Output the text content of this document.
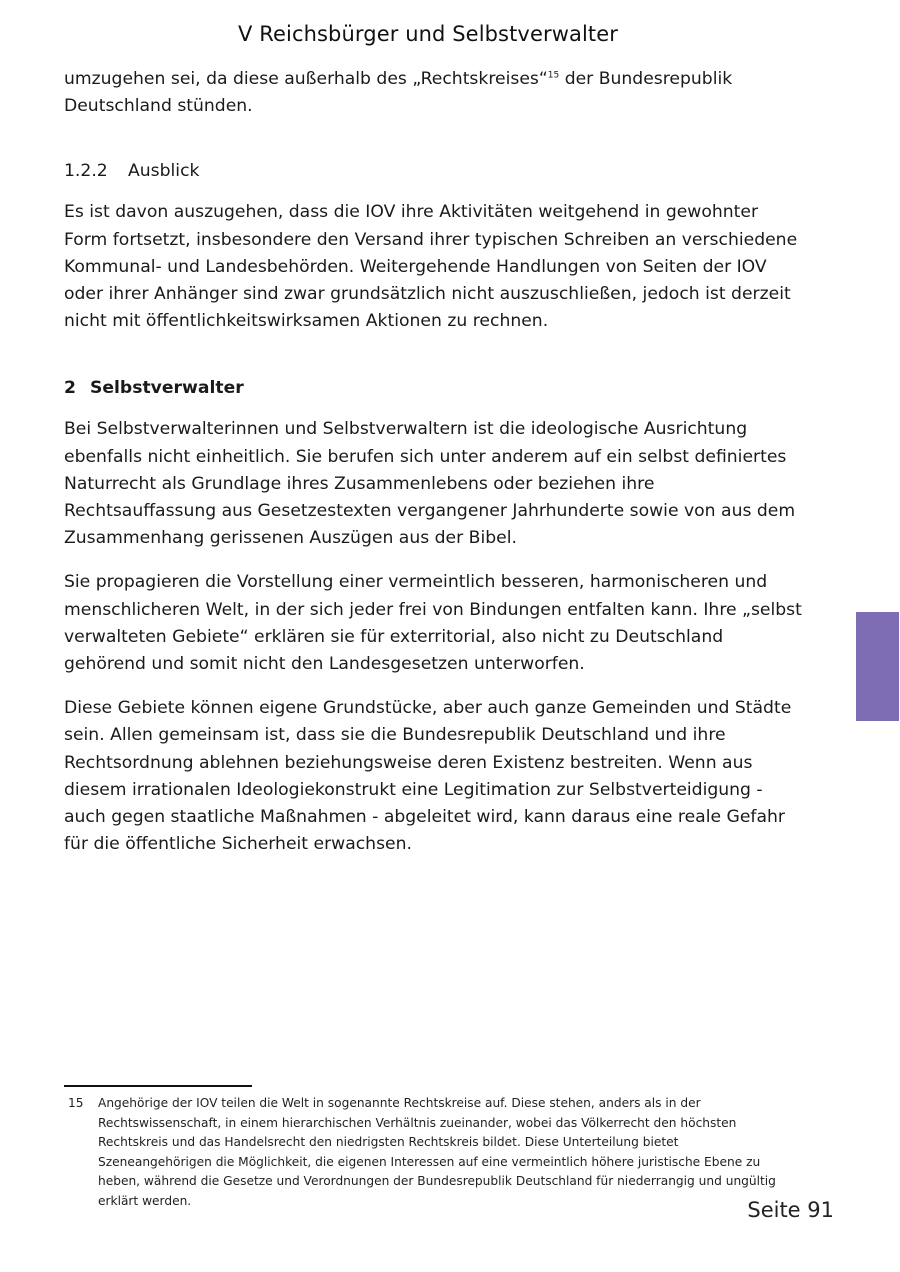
V Reichsbürger und Selbstverwalter

umzugehen sei, da diese außerhalb des „Rechtskreises“$^{15}$ der Bundesrepublik Deutschland stünden.

1.2.2 Ausblick

Es ist davon auszugehen, dass die IOV ihre Aktivitäten weitgehend in gewohnter Form fortsetzt, insbesondere den Versand ihrer typischen Schreiben an verschiedene Kommunal- und Landesbehörden. Weitergehende Handlungen von Seiten der IOV oder ihrer Anhänger sind zwar grundsätzlich nicht auszuschließen, jedoch ist derzeit nicht mit öffentlichkeitswirksamen Aktionen zu rechnen.

2 Selbstverwalter

Bei Selbstverwalterinnen und Selbstverwaltern ist die ideologische Ausrichtung ebenfalls nicht einheitlich. Sie berufen sich unter anderem auf ein selbst definiertes Naturrecht als Grundlage ihres Zusammenlebens oder beziehen ihre Rechtsauffassung aus Gesetzestexten vergangener Jahrhunderte sowie von aus dem Zusammenhang gerissenen Auszügen aus der Bibel.

Sie propagieren die Vorstellung einer vermeintlich besseren, harmonischeren und menschlicheren Welt, in der sich jeder frei von Bindungen entfalten kann. Ihre „selbst verwalteten Gebiete“ erklären sie für exterritorial, also nicht zu Deutschland gehörend und somit nicht den Landesgesetzen unterworfen.

Diese Gebiete können eigene Grundstücke, aber auch ganze Gemeinden und Städte sein. Allen gemeinsam ist, dass sie die Bundesrepublik Deutschland und ihre Rechtsordnung ablehnen beziehungsweise deren Existenz bestreiten. Wenn aus diesem irrationalen Ideologiekonstrukt eine Legitimation zur Selbstverteidigung - auch gegen staatliche Maßnahmen - abgeleitet wird, kann daraus eine reale Gefahr für die öffentliche Sicherheit erwachsen.

15 Angehörige der IOV teilen die Welt in sogenannte Rechtskreise auf. Diese stehen, anders als in der Rechtswissenschaft, in einem hierarchischen Verhältnis zueinander, wobei das Völkerrecht den höchsten Rechtskreis und das Handelsrecht den niedrigsten Rechtskreis bildet. Diese Unterteilung bietet Szeneangehörigen die Möglichkeit, die eigenen Interessen auf eine vermeintlich höhere juristische Ebene zu heben, während die Gesetze und Verordnungen der Bundesrepublik Deutschland für niederrangig und ungültig erklärt werden.	Seite 91
